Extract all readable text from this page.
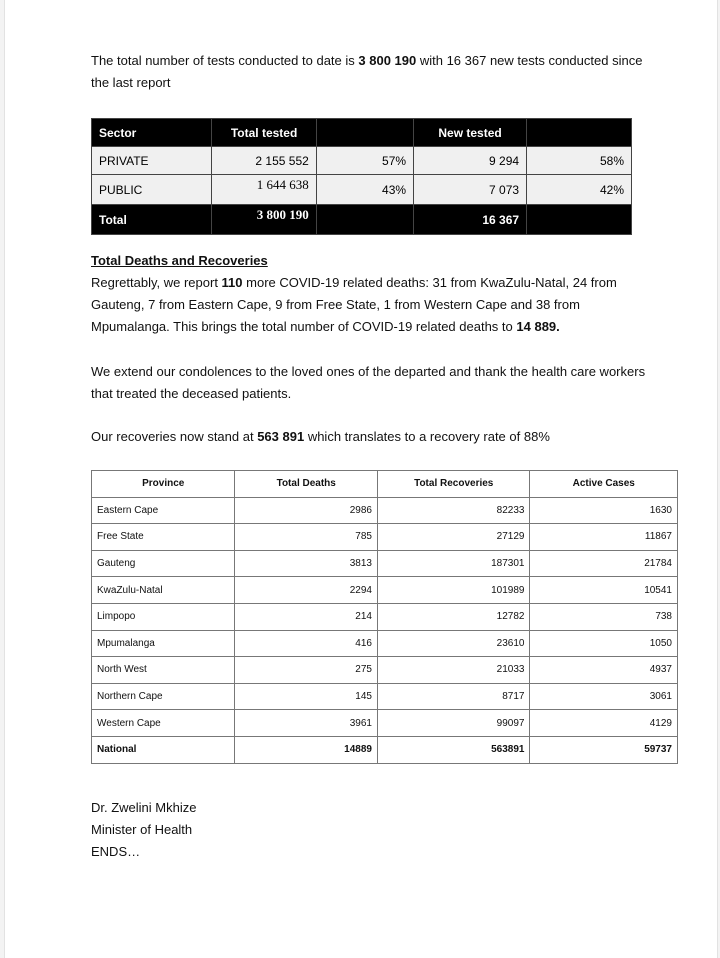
The total number of tests conducted to date is 3 800 190 with 16 367 new tests conducted since the last report
Sector	Total tested		New tested	
PRIVATE	2 155 552	57%	9 294	58%
PUBLIC	1 644 638	43%	7 073	42%
Total	3 800 190		16 367	
Total Deaths and Recoveries
Regrettably, we report 110 more COVID-19 related deaths: 31 from KwaZulu-Natal, 24 from Gauteng, 7 from Eastern Cape, 9 from Free State, 1 from Western Cape and 38 from Mpumalanga. This brings the total number of COVID-19 related deaths to 14 889.
We extend our condolences to the loved ones of the departed and thank the health care workers that treated the deceased patients.
Our recoveries now stand at 563 891 which translates to a recovery rate of 88%
Province	Total Deaths	Total Recoveries	Active Cases
Eastern Cape	2986	82233	1630
Free State	785	27129	11867
Gauteng	3813	187301	21784
KwaZulu-Natal	2294	101989	10541
Limpopo	214	12782	738
Mpumalanga	416	23610	1050
North West	275	21033	4937
Northern Cape	145	8717	3061
Western Cape	3961	99097	4129
National	14889	563891	59737
Dr. Zwelini Mkhize
Minister of Health
ENDS…
